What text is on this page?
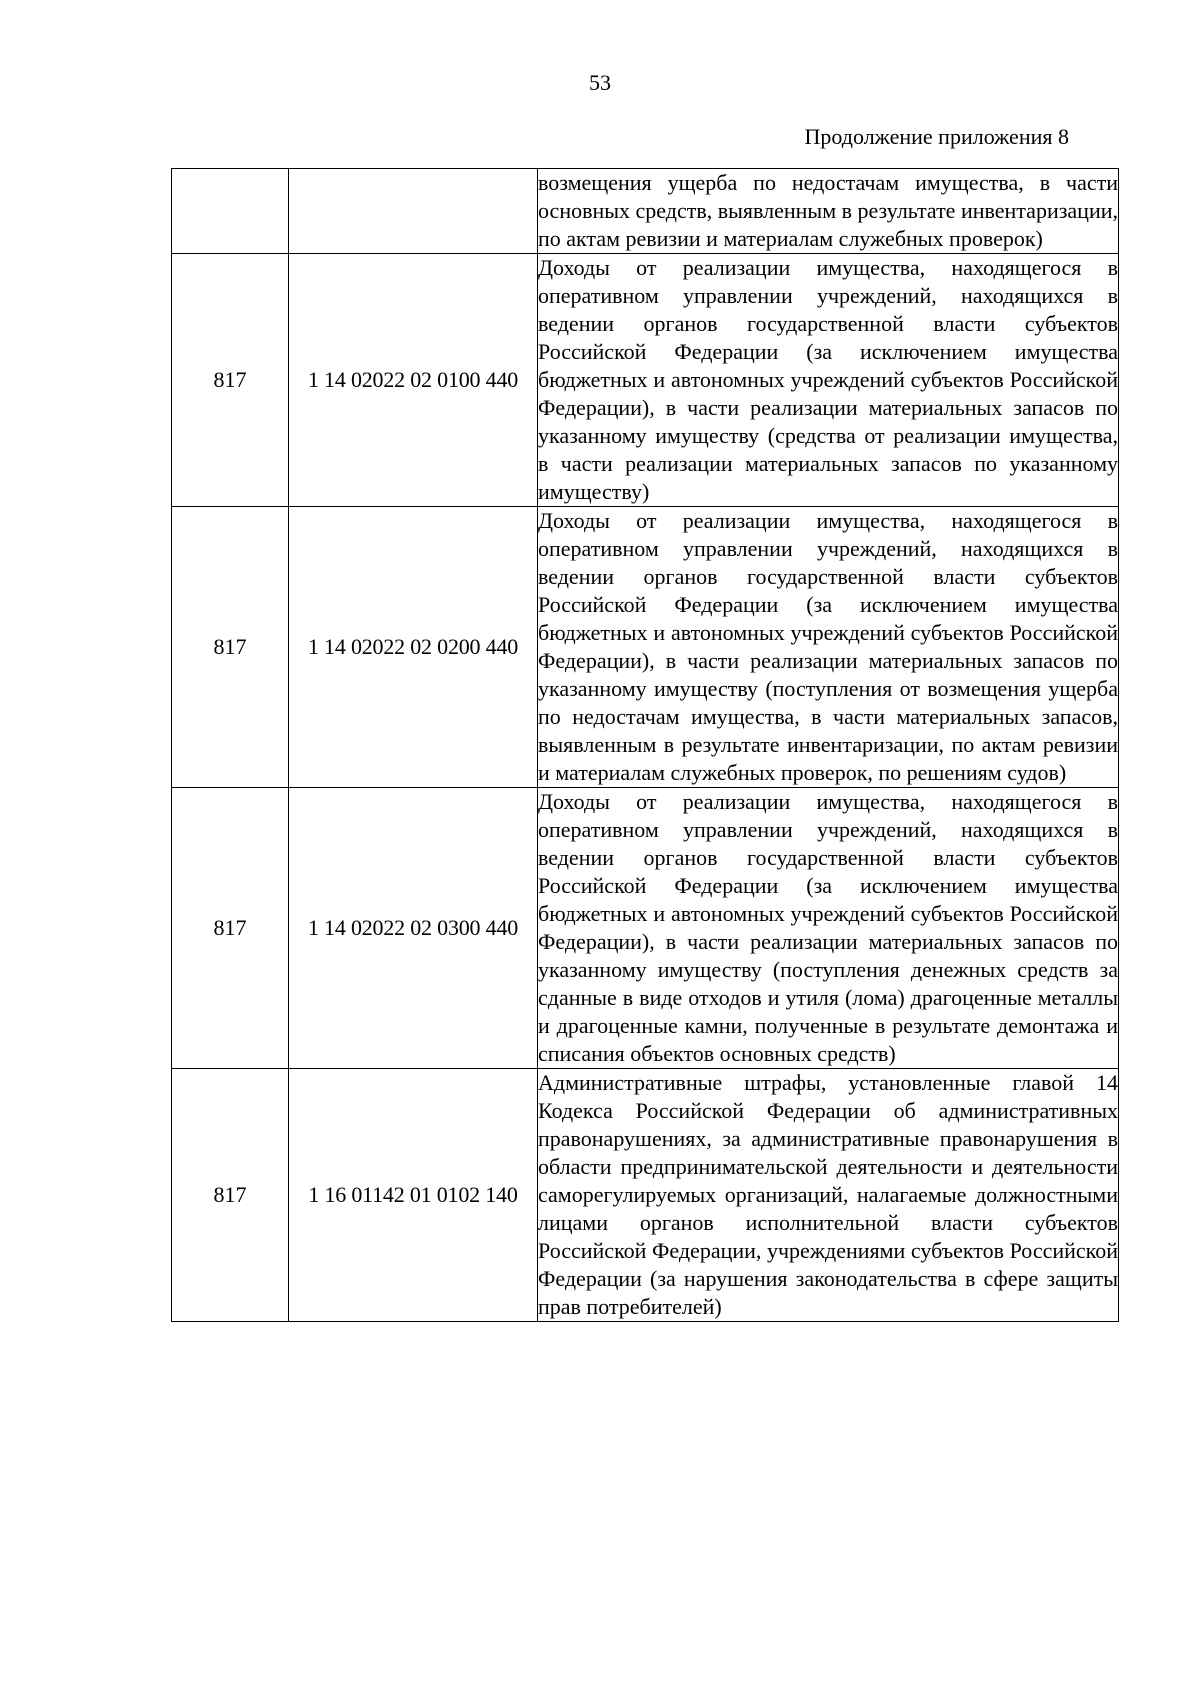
53
Продолжение приложения 8
		возмещения ущерба по недостачам имущества, в части основных средств, выявленным в результате инвентаризации, по актам ревизии и материалам служебных проверок)
817	1 14 02022 02 0100 440	Доходы от реализации имущества, находящегося в оперативном управлении учреждений, находящихся в ведении органов государственной власти субъектов Российской Федерации (за исключением имущества бюджетных и автономных учреждений субъектов Российской Федерации), в части реализации материальных запасов по указанному имуществу (средства от реализации имущества, в части реализации материальных запасов по указанному имуществу)
817	1 14 02022 02 0200 440	Доходы от реализации имущества, находящегося в оперативном управлении учреждений, находящихся в ведении органов государственной власти субъектов Российской Федерации (за исключением имущества бюджетных и автономных учреждений субъектов Российской Федерации), в части реализации материальных запасов по указанному имуществу (поступления от возмещения ущерба по недостачам имущества, в части материальных запасов, выявленным в результате инвентаризации, по актам ревизии и материалам служебных проверок, по решениям судов)
817	1 14 02022 02 0300 440	Доходы от реализации имущества, находящегося в оперативном управлении учреждений, находящихся в ведении органов государственной власти субъектов Российской Федерации (за исключением имущества бюджетных и автономных учреждений субъектов Российской Федерации), в части реализации материальных запасов по указанному имуществу (поступления денежных средств за сданные в виде отходов и утиля (лома) драгоценные металлы и драгоценные камни, полученные в результате демонтажа и списания объектов основных средств)
817	1 16 01142 01 0102 140	Административные штрафы, установленные главой 14 Кодекса Российской Федерации об административных правонарушениях, за административные правонарушения в области предпринимательской деятельности и деятельности саморегулируемых организаций, налагаемые должностными лицами органов исполнительной власти субъектов Российской Федерации, учреждениями субъектов Российской Федерации (за нарушения законодательства в сфере защиты прав потребителей)
